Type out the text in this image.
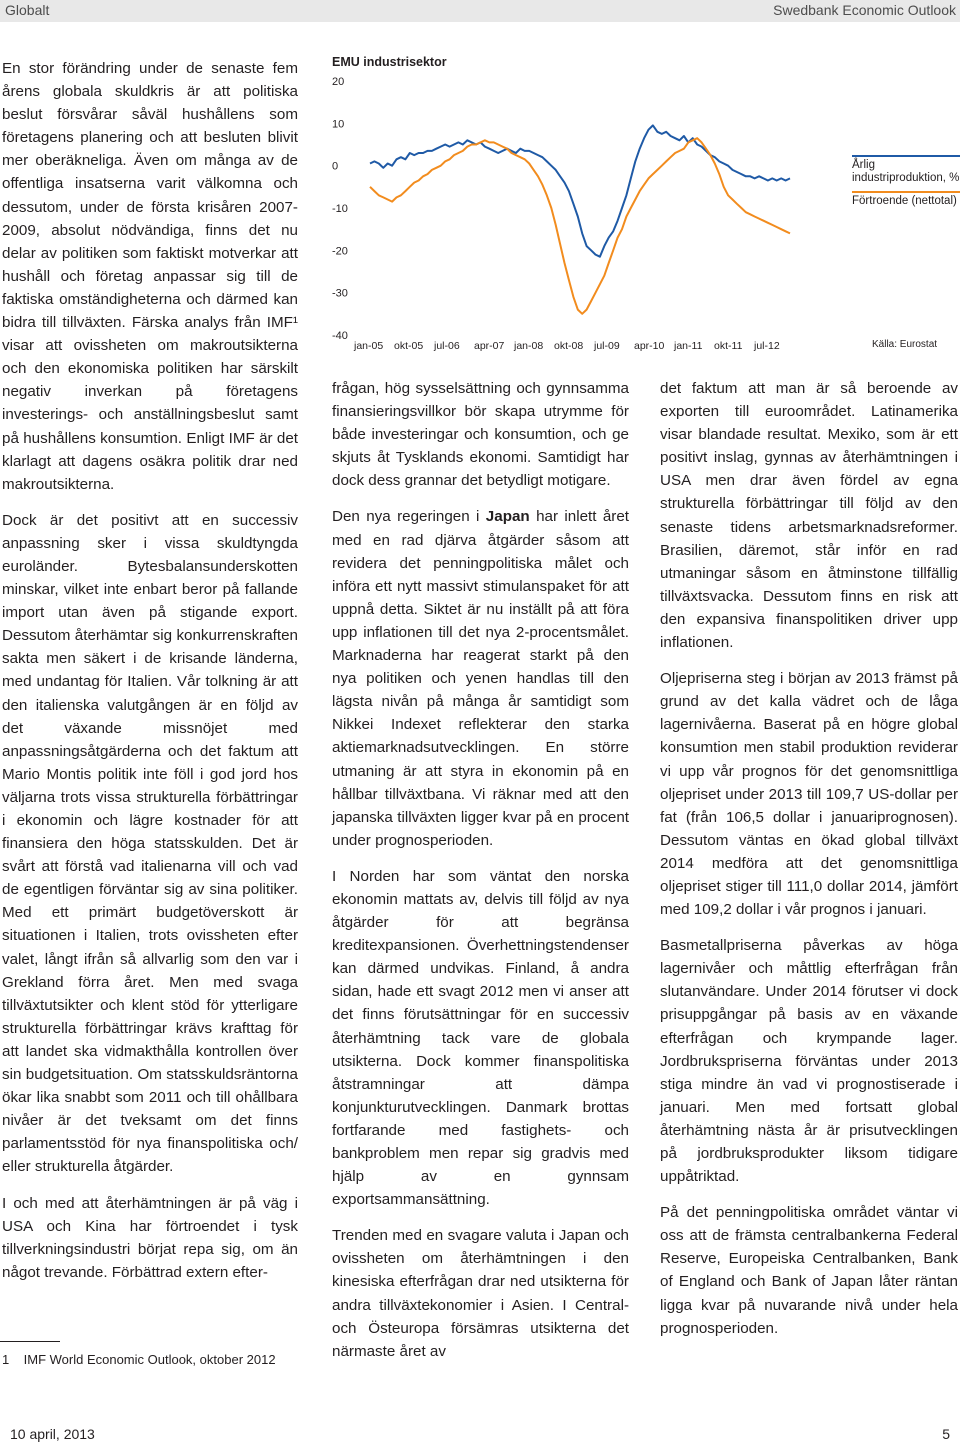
Globalt	Swedbank Economic Outlook

En stor förändring under de senaste fem årens globala skuldkris är att politiska beslut försvårar såväl hushållens som företagens planering och att besluten blivit mer oberäkneliga. Även om många av de offentliga insatserna varit välkomna och dessutom, under de första krisåren 2007-2009, absolut nödvändiga, finns det nu delar av politiken som faktiskt motverkar att hushåll och företag anpassar sig till de faktiska omständigheterna och därmed kan bidra till tillväxten. Färska analys från IMF¹ visar att ovissheten om makroutsikterna och den ekonomiska politiken har särskilt negativ inverkan på företagens investerings- och anställningsbeslut samt på hushållens konsumtion. Enligt IMF är det klarlagt att dagens osäkra politik drar ned makroutsikterna.

Dock är det positivt att en successiv anpassning sker i vissa skuldtyngda euroländer. Bytesbalansunderskotten minskar, vilket inte enbart beror på fallande import utan även på stigande export. Dessutom återhämtar sig konkurrenskraften sakta men säkert i de krisande länderna, med undantag för Italien. Vår tolkning är att den italienska valutgången är en följd av det växande missnöjet med anpassningsåtgärderna och det faktum att Mario Montis politik inte föll i god jord hos väljarna trots vissa strukturella förbättringar i ekonomin och lägre kostnader för att finansiera den höga statsskulden. Det är svårt att förstå vad italienarna vill och vad de egentligen förväntar sig av sina politiker. Med ett primärt budgetöverskott är situationen i Italien, trots ovissheten efter valet, långt ifrån så allvarlig som den var i Grekland förra året. Men med svaga tillväxtutsikter och klent stöd för ytterligare strukturella förbättringar krävs krafttag för att landet ska vidmakthålla kontrollen över sin budgetsituation. Om statsskuldsräntorna ökar lika snabbt som 2011 och till ohållbara nivåer är det tveksamt om det finns parlamentsstöd för nya finanspolitiska och/ eller strukturella åtgärder.

I och med att återhämtningen är på väg i USA och Kina har förtroendet i tysk tillverkningsindustri börjat repa sig, om än något trevande. Förbättrad extern efter-

1 IMF World Economic Outlook, oktober 2012
EMU industrisektor
20
10
0
-10
-20
-30
-40
jan-05 okt-05 jul-06 apr-07 jan-08 okt-08 jul-09 apr-10 jan-11 okt-11 jul-12
Årlig industriproduktion, %
Förtroende (nettotal)
Källa: Eurostat

frågan, hög sysselsättning och gynnsamma finansieringsvillkor bör skapa utrymme för både investeringar och konsumtion, och ge skjuts åt Tysklands ekonomi. Samtidigt har dock dess grannar det betydligt motigare.

Den nya regeringen i Japan har inlett året med en rad djärva åtgärder såsom att revidera det penningpolitiska målet och införa ett nytt massivt stimulanspaket för att uppnå detta. Siktet är nu inställt på att föra upp inflationen till det nya 2-procentsmålet. Marknaderna har reagerat starkt på den nya politiken och yenen handlas till den lägsta nivån på många år samtidigt som Nikkei Indexet reflekterar den starka aktiemarknadsutvecklingen. En större utmaning är att styra in ekonomin på en hållbar tillväxtbana. Vi räknar med att den japanska tillväxten ligger kvar på en procent under prognosperioden.

I Norden har som väntat den norska ekonomin mattats av, delvis till följd av nya åtgärder för att begränsa kreditexpansionen. Överhettningstendenser kan därmed undvikas. Finland, å andra sidan, hade ett svagt 2012 men vi anser att det finns förutsättningar för en successiv återhämtning tack vare de globala utsikterna. Dock kommer finanspolitiska åtstramningar att dämpa konjunkturutvecklingen. Danmark brottas fortfarande med fastighets- och bankproblem men repar sig gradvis med hjälp av en gynnsam exportsammansättning.

Trenden med en svagare valuta i Japan och ovissheten om återhämtningen i den kinesiska efterfrågan drar ned utsikterna för andra tillväxtekonomier i Asien. I Central- och Östeuropa försämras utsikterna det närmaste året av

det faktum att man är så beroende av exporten till euroområdet. Latinamerika visar blandade resultat. Mexiko, som är ett positivt inslag, gynnas av återhämtningen i USA men drar även fördel av egna strukturella förbättringar till följd av den senaste tidens arbetsmarknadsreformer. Brasilien, däremot, står inför en rad utmaningar såsom en åtminstone tillfällig tillväxtsvacka. Dessutom finns en risk att den expansiva finanspolitiken driver upp inflationen.

Oljepriserna steg i början av 2013 främst på grund av det kalla vädret och de låga lagernivåerna. Baserat på en högre global konsumtion men stabil produktion reviderar vi upp vår prognos för det genomsnittliga oljepriset under 2013 till 109,7 US-dollar per fat (från 106,5 dollar i januariprognosen). Dessutom väntas en ökad global tillväxt 2014 medföra att det genomsnittliga oljepriset stiger till 111,0 dollar 2014, jämfört med 109,2 dollar i vår prognos i januari.

Basmetallpriserna påverkas av höga lagernivåer och måttlig efterfrågan från slutanvändare. Under 2014 förutser vi dock prisuppgångar på basis av en växande efterfrågan och krympande lager. Jordbrukspriserna förväntas under 2013 stiga mindre än vad vi prognostiserade i januari. Men med fortsatt global återhämtning nästa år är prisutvecklingen på jordbruksprodukter liksom tidigare uppåtriktad.

På det penningpolitiska området väntar vi oss att de främsta centralbankerna Federal Reserve, Europeiska Centralbanken, Bank of England och Bank of Japan låter räntan ligga kvar på nuvarande nivå under hela prognosperioden.

10 april, 2013	5
